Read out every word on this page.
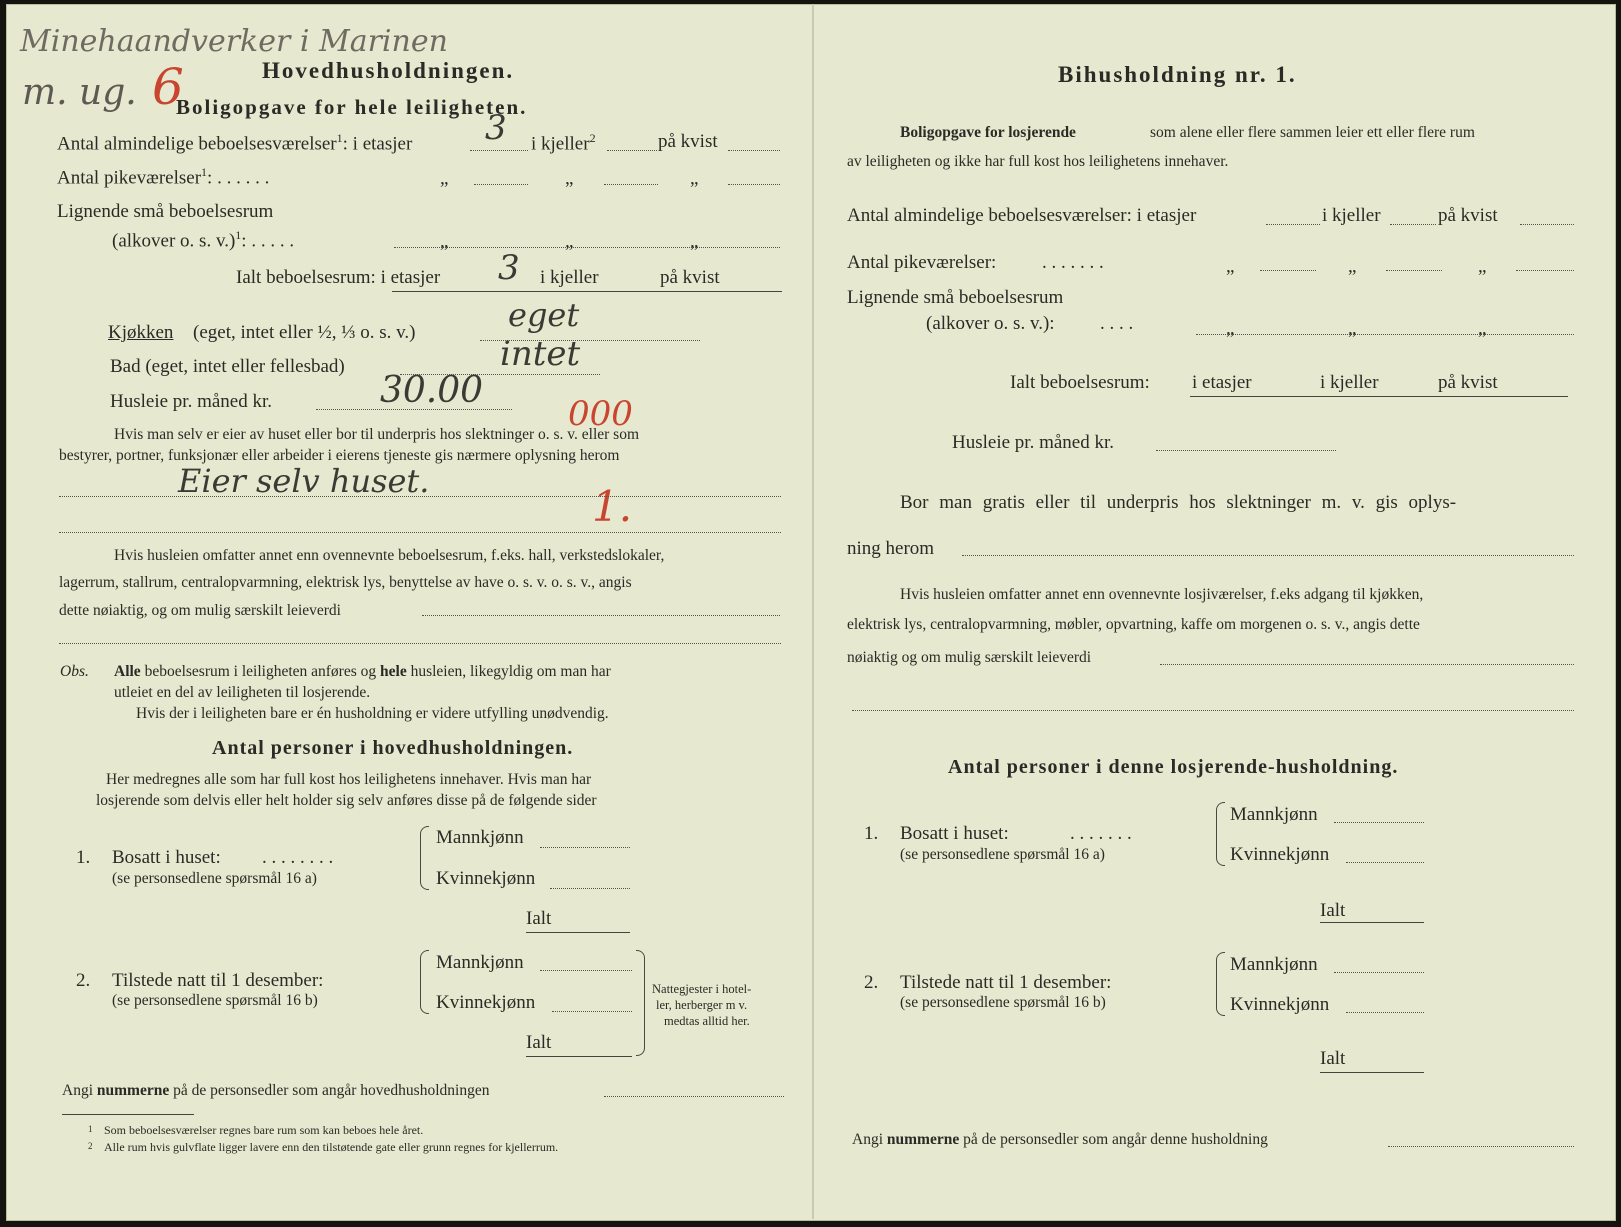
Minehaandverker i Marinen
m. ug. 6	Hovedhusholdningen.
Boligopgave for hele leiligheten.
Antal almindelige beboelsesværelser$^1$: i etasjer 3 i kjeller$^2$	på kvist
Antal pikeværelser$^1$: . . . . . .	„	„	„
Lignende små beboelsesrum
(alkover o. s. v.)$^1$: . . . . .	„	„	„
Ialt beboelsesrum: i etasjer 3 i kjeller	på kvist
Kjøkken (eget, intet eller ½, ⅓ o. s. v.)	eget
Bad (eget, intet eller fellesbad)	intet
Husleie pr. måned kr.	30.00
000
Hvis man selv er eier av huset eller bor til underpris hos slektninger o. s. v. eller som
bestyrer, portner, funksjonær eller arbeider i eierens tjeneste gis nærmere oplysning herom
Eier selv huset.
1.
Hvis husleien omfatter annet enn ovennevnte beboelsesrum, f.eks. hall, verkstedslokaler,
lagerrum, stallrum, centralopvarmning, elektrisk lys, benyttelse av have o. s. v. o. s. v., angis
dette nøiaktig, og om mulig særskilt leieverdi
Obs. Alle beboelsesrum i leiligheten anføres og hele husleien, likegyldig om man har
utleiet en del av leiligheten til losjerende.
Hvis der i leiligheten bare er én husholdning er videre utfylling unødvendig.
Antal personer i hovedhusholdningen.
Her medregnes alle som har full kost hos leilighetens innehaver. Hvis man har
losjerende som delvis eller helt holder sig selv anføres disse på de følgende sider
1. Bosatt i huset: . . . . . . . .
(se personsedlene spørsmål 16 a)
Mannkjønn
Kvinnekjønn
Ialt
2. Tilstede natt til 1 desember:
(se personsedlene spørsmål 16 b)
Mannkjønn
Kvinnekjønn
Ialt
Nattegjester i hotel-
ler, herberger m v.
medtas alltid her.
Angi nummerne på de personsedler som angår hovedhusholdningen
1 Som beboelsesværelser regnes bare rum som kan beboes hele året.
2 Alle rum hvis gulvflate ligger lavere enn den tilstøtende gate eller grunn regnes for kjellerrum.
Bihusholdning nr. 1.
Boligopgave for losjerende	som alene eller flere sammen leier ett eller flere rum
av leiligheten og ikke har full kost hos leilighetens innehaver.
Antal almindelige beboelsesværelser: i etasjer	i kjeller	på kvist
Antal pikeværelser: . . . . . . .	„	„	„
Lignende små beboelsesrum
(alkover o. s. v.): . . . .	„	„	„
Ialt beboelsesrum: i etasjer	i kjeller	på kvist
Husleie pr. måned kr.
Bor man gratis eller til underpris hos slektninger m. v. gis oplys-
ning herom
Hvis husleien omfatter annet enn ovennevnte losjiværelser, f.eks adgang til kjøkken,
elektrisk lys, centralopvarmning, møbler, opvartning, kaffe om morgenen o. s. v., angis dette
nøiaktig og om mulig særskilt leieverdi
Antal personer i denne losjerende-husholdning.
1. Bosatt i huset:	. . . . . . .
(se personsedlene spørsmål 16 a)
Mannkjønn
Kvinnekjønn
Ialt
2. Tilstede natt til 1 desember:
(se personsedlene spørsmål 16 b)
Mannkjønn
Kvinnekjønn
Ialt
Angi nummerne på de personsedler som angår denne husholdning
